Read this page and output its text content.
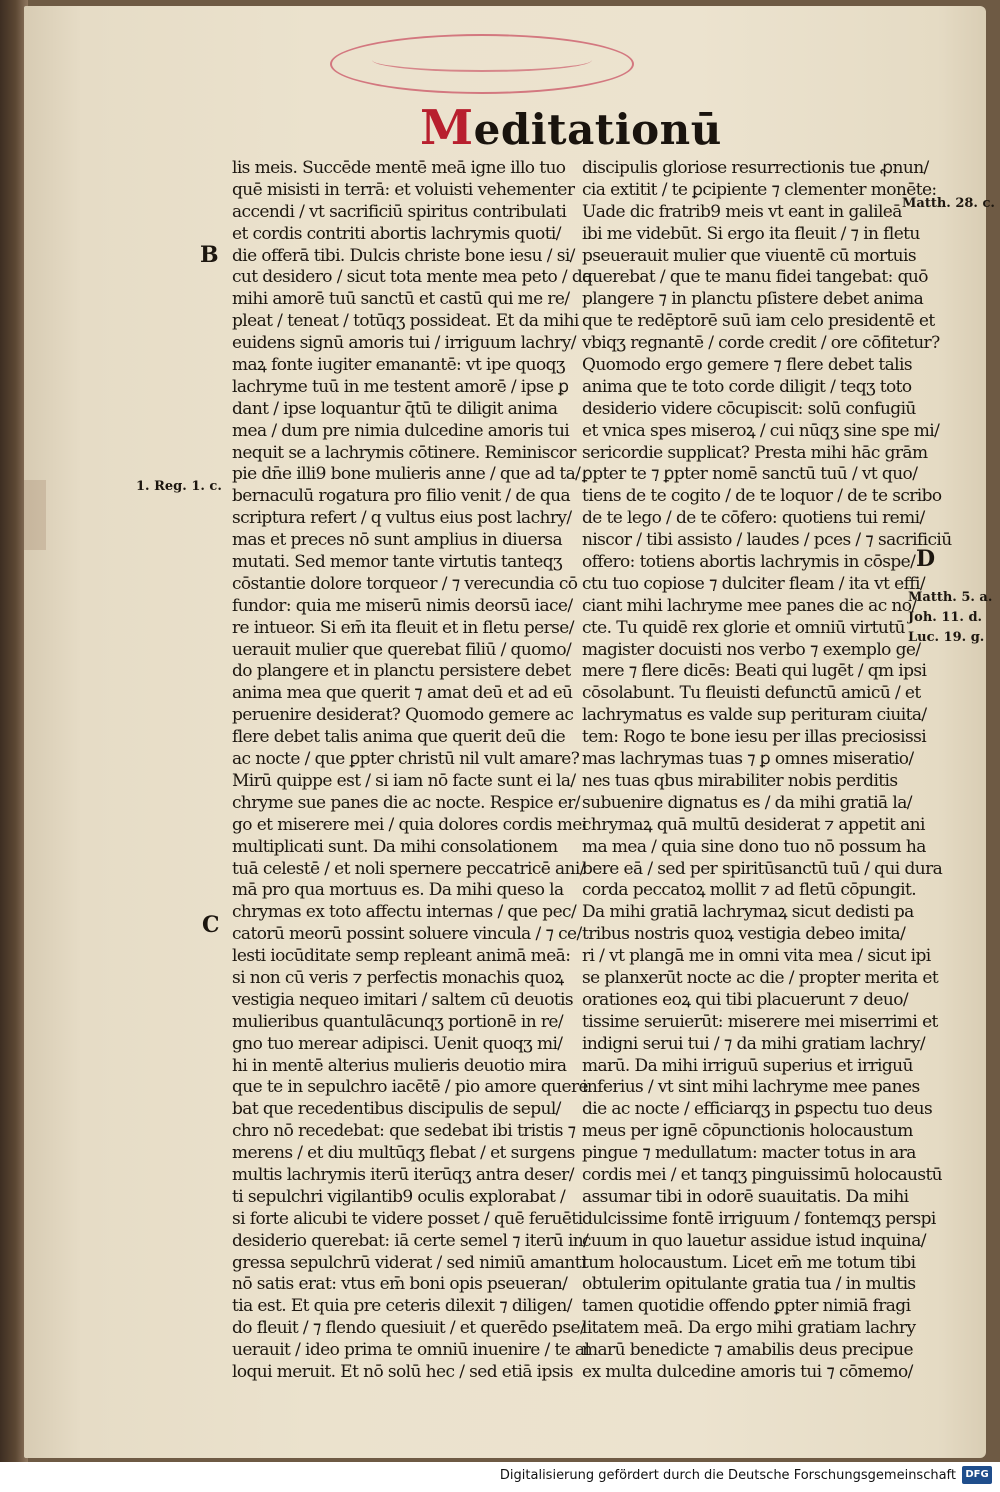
Meditationū
lis meis. Succēde mentē meā igne illo tuo
quē misisti in terrā: et voluisti vehementer
accendi / vt sacrificiū spiritus contribulati
et cordis contriti abortis lachrymis quoti/
die offerā tibi. Dulcis christe bone iesu / si/
cut desidero / sicut tota mente mea peto / da
mihi amorē tuū sanctū et castū qui me re/
pleat / teneat / totūqʒ possideat. Et da mihi
euidens signū amoris tui / irriguum lachry/
maꝝ fonte iugiter emanantē: vt ipe quoqʒ
lachryme tuū in me testent amorē / ipse ꝑ
dant / ipse loquantur q̄tū te diligit anima
mea / dum pre nimia dulcedine amoris tui
nequit se a lachrymis cōtinere. Reminiscor
pie dn̄e illi9 bone mulieris anne / que ad ta/
bernaculū rogatura pro filio venit / de qua
scriptura refert / q vultus eius post lachry/
mas et preces nō sunt amplius in diuersa
mutati. Sed memor tante virtutis tanteqʒ
cōstantie dolore torqueor / ⁊ verecundia cō
fundor: quia me miserū nimis deorsū iace/
re intueor. Si em̄ ita fleuit et in fletu perse/
uerauit mulier que querebat filiū / quomo/
do plangere et in planctu persistere debet
anima mea que querit ⁊ amat deū et ad eū
peruenire desiderat? Quomodo gemere ac
flere debet talis anima que querit deū die
ac nocte / que ꝑpter christū nil vult amare?
Mirū quippe est / si iam nō facte sunt ei la/
chryme sue panes die ac nocte. Respice er/
go et miserere mei / quia dolores cordis mei
multiplicati sunt. Da mihi consolationem
tuā celestē / et noli spernere peccatricē ani/
mā pro qua mortuus es. Da mihi queso la
chrymas ex toto affectu internas / que pec/
catorū meorū possint soluere vincula / ⁊ ce/
lesti iocūditate semp repleant animā meā:
si non cū veris ⁊ perfectis monachis quoꝝ
vestigia nequeo imitari / saltem cū deuotis
mulieribus quantulācunqʒ portionē in re/
gno tuo merear adipisci. Uenit quoqʒ mi/
hi in mentē alterius mulieris deuotio mira
que te in sepulchro iacētē / pio amore quere
bat que recedentibus discipulis de sepul/
chro nō recedebat: que sedebat ibi tristis ⁊
merens / et diu multūqʒ flebat / et surgens
multis lachrymis iterū iterūqʒ antra deser/
ti sepulchri vigilantib9 oculis explorabat /
si forte alicubi te videre posset / quē feruēti
desiderio querebat: iā certe semel ⁊ iterū in/
gressa sepulchrū viderat / sed nimiū amanti
nō satis erat: vtus em̄ boni opis pseueran/
tia est. Et quia pre ceteris dilexit ⁊ diligen/
do fleuit / ⁊ flendo quesiuit / et querēdo pse/
uerauit / ideo prima te omniū inuenire / te al
loqui meruit. Et nō solū hec / sed etiā ipsis
discipulis gloriose resurrectionis tue ꝓnun/
cia extitit / te ꝑcipiente ⁊ clementer monēte:
Uade dic fratrib9 meis vt eant in galileā
ibi me videbūt. Si ergo ita fleuit / ⁊ in fletu
pseuerauit mulier que viuentē cū mortuis
querebat / que te manu fidei tangebat: quō
plangere ⁊ in planctu pſistere debet anima
que te redēptorē suū iam celo presidentē et
vbiqʒ regnantē / corde credit / ore cōfitetur?
Quomodo ergo gemere ⁊ flere debet talis
anima que te toto corde diligit / teqʒ toto
desiderio videre cōcupiscit: solū confugiū
et vnica spes miseroꝝ / cui nūqʒ sine spe mi/
sericordie supplicat? Presta mihi hāc grām
ꝑpter te ⁊ ꝑpter nomē sanctū tuū / vt quo/
tiens de te cogito / de te loquor / de te scribo
de te lego / de te cōfero: quotiens tui remi/
niscor / tibi assisto / laudes / pces / ⁊ sacrificiū
offero: totiens abortis lachrymis in cōspe/
ctu tuo copiose ⁊ dulciter fleam / ita vt effi/
ciant mihi lachryme mee panes die ac no/
cte. Tu quidē rex glorie et omniū virtutū
magister docuisti nos verbo ⁊ exemplo ge/
mere ⁊ flere dicēs: Beati qui lugēt / qm ipsi
cōsolabunt. Tu fleuisti defunctū amicū / et
lachrymatus es valde sup perituram ciuita/
tem: Rogo te bone iesu per illas preciosissi
mas lachrymas tuas ⁊ ꝑ omnes miseratio/
nes tuas qbus mirabiliter nobis perditis
subuenire dignatus es / da mihi gratiā la/
chrymaꝝ quā multū desiderat ⁊ appetit ani
ma mea / quia sine dono tuo nō possum ha
bere eā / sed per spiritūsanctū tuū / qui dura
corda peccatoꝝ mollit ⁊ ad fletū cōpungit.
Da mihi gratiā lachrymaꝝ sicut dedisti pa
tribus nostris quoꝝ vestigia debeo imita/
ri / vt plangā me in omni vita mea / sicut ipi
se planxerūt nocte ac die / propter merita et
orationes eoꝝ qui tibi placuerunt ⁊ deuo/
tissime seruierūt: miserere mei miserrimi et
indigni serui tui / ⁊ da mihi gratiam lachry/
marū. Da mihi irriguū superius et irriguū
inferius / vt sint mihi lachryme mee panes
die ac nocte / efficiarqʒ in ꝑspectu tuo deus
meus per ignē cōpunctionis holocaustum
pingue ⁊ medullatum: macter totus in ara
cordis mei / et tanqʒ pinguissimū holocaustū
assumar tibi in odorē suauitatis. Da mihi
dulcissime fontē irriguum / fontemqʒ perspi
cuum in quo lauetur assidue istud inquina/
tum holocaustum. Licet em̄ me totum tibi
obtulerim opitulante gratia tua / in multis
tamen quotidie offendo ꝑpter nimiā fragi
litatem meā. Da ergo mihi gratiam lachry
marū benedicte ⁊ amabilis deus precipue
ex multa dulcedine amoris tui ⁊ cōmemo/
B
1. Reg. 1. c.
C
Matth. 28. c.
D
Matth. 5. a.
Joh. 11. d.
Luc. 19. g.
Digitalisierung gefördert durch die Deutsche Forschungsgemeinschaft DFG
